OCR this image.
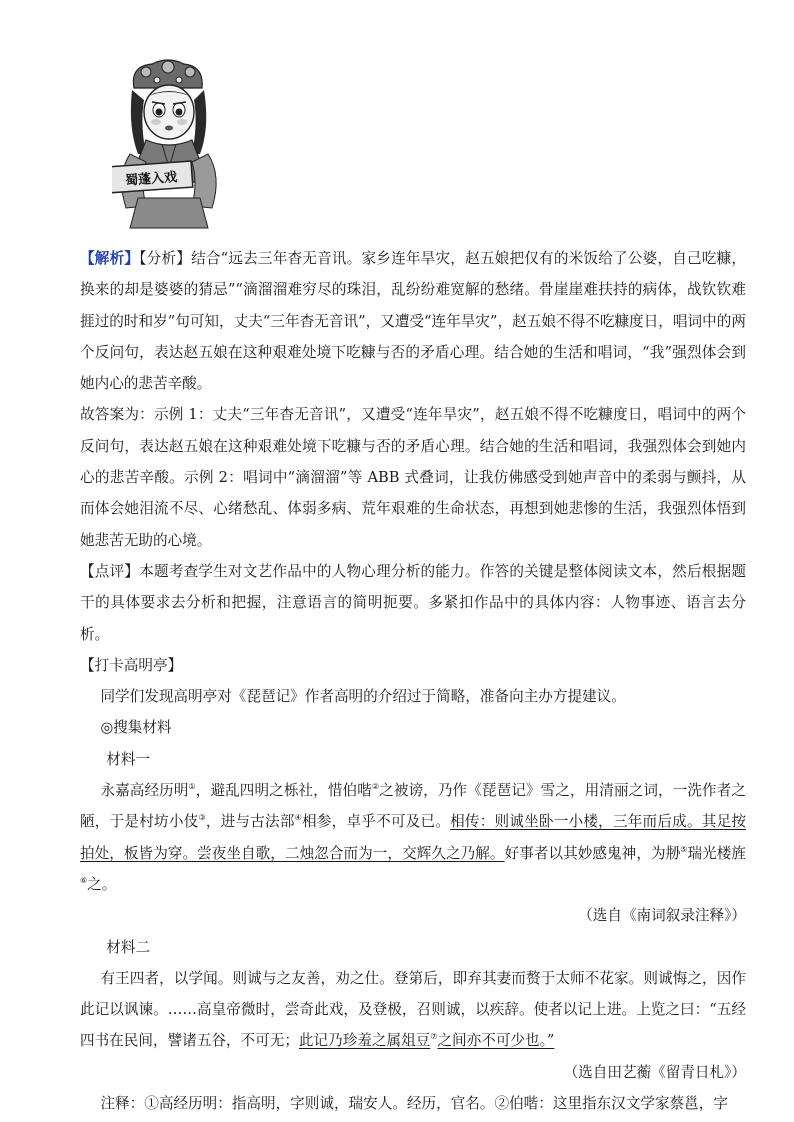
蜀蓬入戏

【解析】【分析】结合“远去三年杳无音讯。家乡连年旱灾，赵五娘把仅有的米饭给了公婆，自己吃糠，换来的却是婆婆的猜忌”“滴溜溜难穷尽的珠泪，乱纷纷难宽解的愁绪。骨崖崖难扶持的病体，战钦钦难捱过的时和岁”句可知，丈夫“三年杳无音讯”，又遭受“连年旱灾”，赵五娘不得不吃糠度日，唱词中的两个反问句，表达赵五娘在这种艰难处境下吃糠与否的矛盾心理。结合她的生活和唱词，“我”强烈体会到她内心的悲苦辛酸。

故答案为：示例 1：丈夫“三年杳无音讯”，又遭受“连年旱灾”，赵五娘不得不吃糠度日，唱词中的两个反问句，表达赵五娘在这种艰难处境下吃糠与否的矛盾心理。结合她的生活和唱词，我强烈体会到她内心的悲苦辛酸。示例 2：唱词中“滴溜溜”等 ABB 式叠词，让我仿佛感受到她声音中的柔弱与颤抖，从而体会她泪流不尽、心绪愁乱、体弱多病、荒年艰难的生命状态，再想到她悲惨的生活，我强烈体悟到她悲苦无助的心境。

【点评】本题考查学生对文艺作品中的人物心理分析的能力。作答的关键是整体阅读文本，然后根据题干的具体要求去分析和把握，注意语言的简明扼要。多紧扣作品中的具体内容：人物事迹、语言去分析。

【打卡高明亭】

同学们发现高明亭对《琵琶记》作者高明的介绍过于简略，准备向主办方提建议。

◎搜集材料

材料一

永嘉高经历明①，避乱四明之栎社，惜伯喈②之被谤，乃作《琵琶记》雪之，用清丽之词，一洗作者之陋，于是村坊小伎③，进与古法部④相参，卓乎不可及已。相传：则诚坐卧一小楼，三年而后成。其足按拍处，板皆为穿。尝夜坐自歌，二烛忽合而为一，交辉久之乃解。好事者以其妙感鬼神，为刱⑤瑞光楼旌⑥之。

（选自《南词叙录注释》）

材料二

有王四者，以学闻。则诚与之友善，劝之仕。登第后，即弃其妻而赘于太师不花家。则诚悔之，因作此记以讽谏。……高皇帝微时，尝奇此戏，及登极，召则诚，以疾辞。使者以记上进。上览之曰：“五经四书在民间，譬诸五谷，不可无；此记乃珍羞之属俎豆⑦之间亦不可少也。”

（选自田艺蘅《留青日札》）

注释：①高经历明：指高明，字则诚，瑞安人。经历，官名。②伯喈：这里指东汉文学家蔡邕，字
